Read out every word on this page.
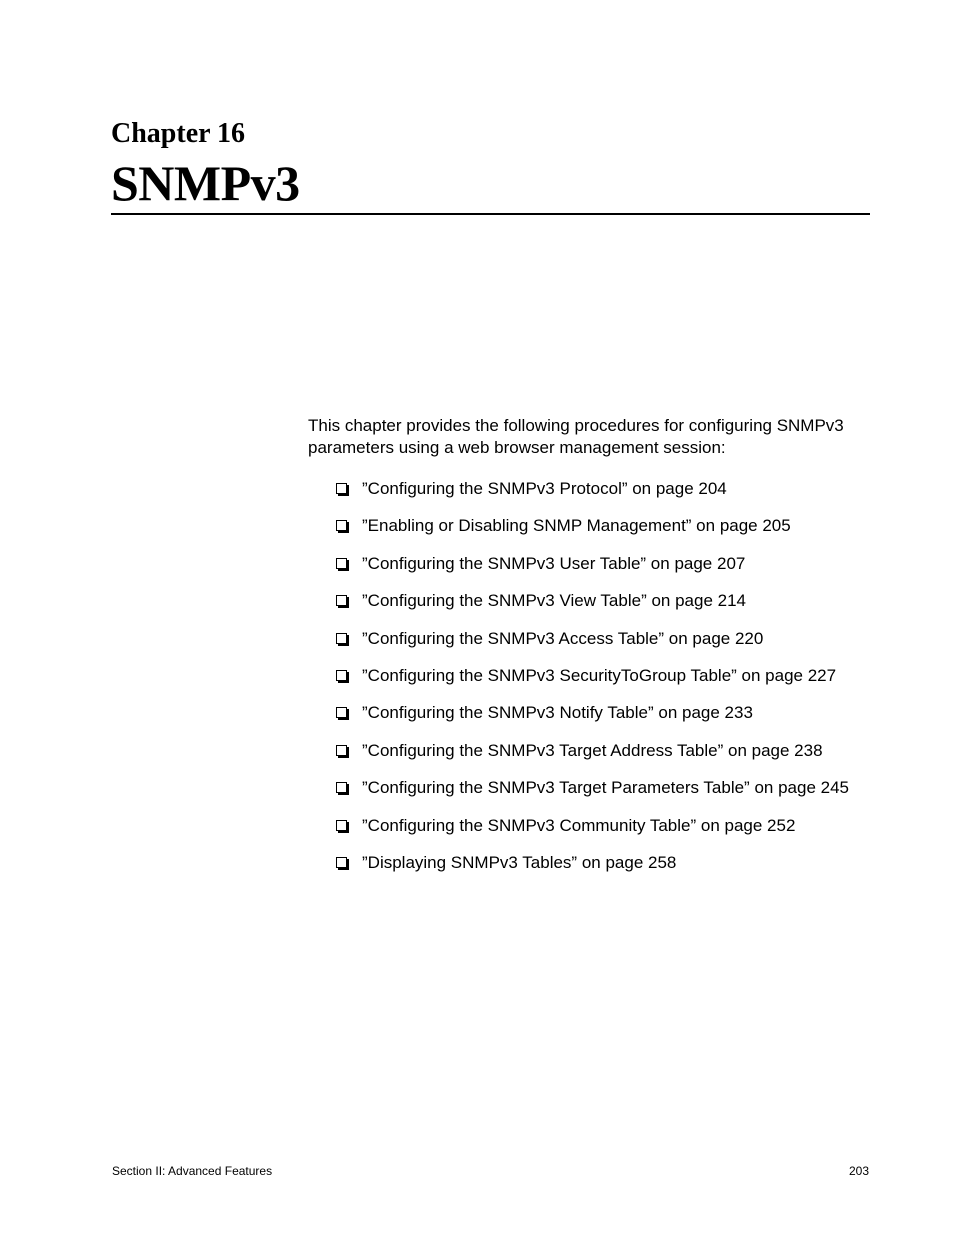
Chapter 16
SNMPv3

This chapter provides the following procedures for configuring SNMPv3 parameters using a web browser management session:

”Configuring the SNMPv3 Protocol” on page 204
”Enabling or Disabling SNMP Management” on page 205
”Configuring the SNMPv3 User Table” on page 207
”Configuring the SNMPv3 View Table” on page 214
”Configuring the SNMPv3 Access Table” on page 220
”Configuring the SNMPv3 SecurityToGroup Table” on page 227
”Configuring the SNMPv3 Notify Table” on page 233
”Configuring the SNMPv3 Target Address Table” on page 238
”Configuring the SNMPv3 Target Parameters Table” on page 245
”Configuring the SNMPv3 Community Table” on page 252
”Displaying SNMPv3 Tables” on page 258
Section II: Advanced Features	203
